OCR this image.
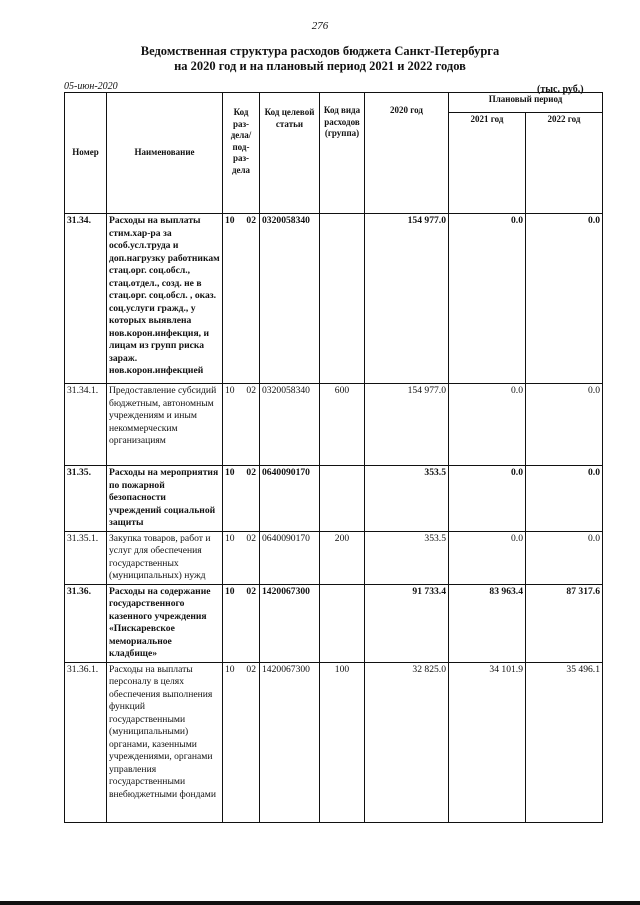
276
Ведомственная структура расходов бюджета Санкт-Петербурга
на 2020 год и на плановый период 2021 и 2022 годов
05-июн-2020	(тыс. руб.)
Номер	Наименование	Код раз- дела/ под- раз- дела	Код целевой статьи	Код вида расходов (группа)	2020 год	Плановый период	
						2021 год	2022 год
31.34.	Расходы на выплаты стим.хар-ра за особ.усл.труда и доп.нагрузку работникам стац.орг. соц.обсл., стац.отдел., созд. не в стац.орг. соц.обсл. , оказ. соц.услуги гражд., у которых выявлена нов.корон.инфекция, и лицам из групп риска зараж. нов.корон.инфекцией	10 02	0320058340		154 977.0	0.0	0.0
31.34.1.	Предоставление субсидий бюджетным, автономным учреждениям и иным некоммерческим организациям	10 02	0320058340	600	154 977.0	0.0	0.0
31.35.	Расходы на мероприятия по пожарной безопасности учреждений социальной защиты	10 02	0640090170		353.5	0.0	0.0
31.35.1.	Закупка товаров, работ и услуг для обеспечения государственных (муниципальных) нужд	10 02	0640090170	200	353.5	0.0	0.0
31.36.	Расходы на содержание государственного казенного учреждения «Пискаревское мемориальное кладбище»	10 02	1420067300		91 733.4	83 963.4	87 317.6
31.36.1.	Расходы на выплаты персоналу в целях обеспечения выполнения функций государственными (муниципальными) органами, казенными учреждениями, органами управления государственными внебюджетными фондами	10 02	1420067300	100	32 825.0	34 101.9	35 496.1
